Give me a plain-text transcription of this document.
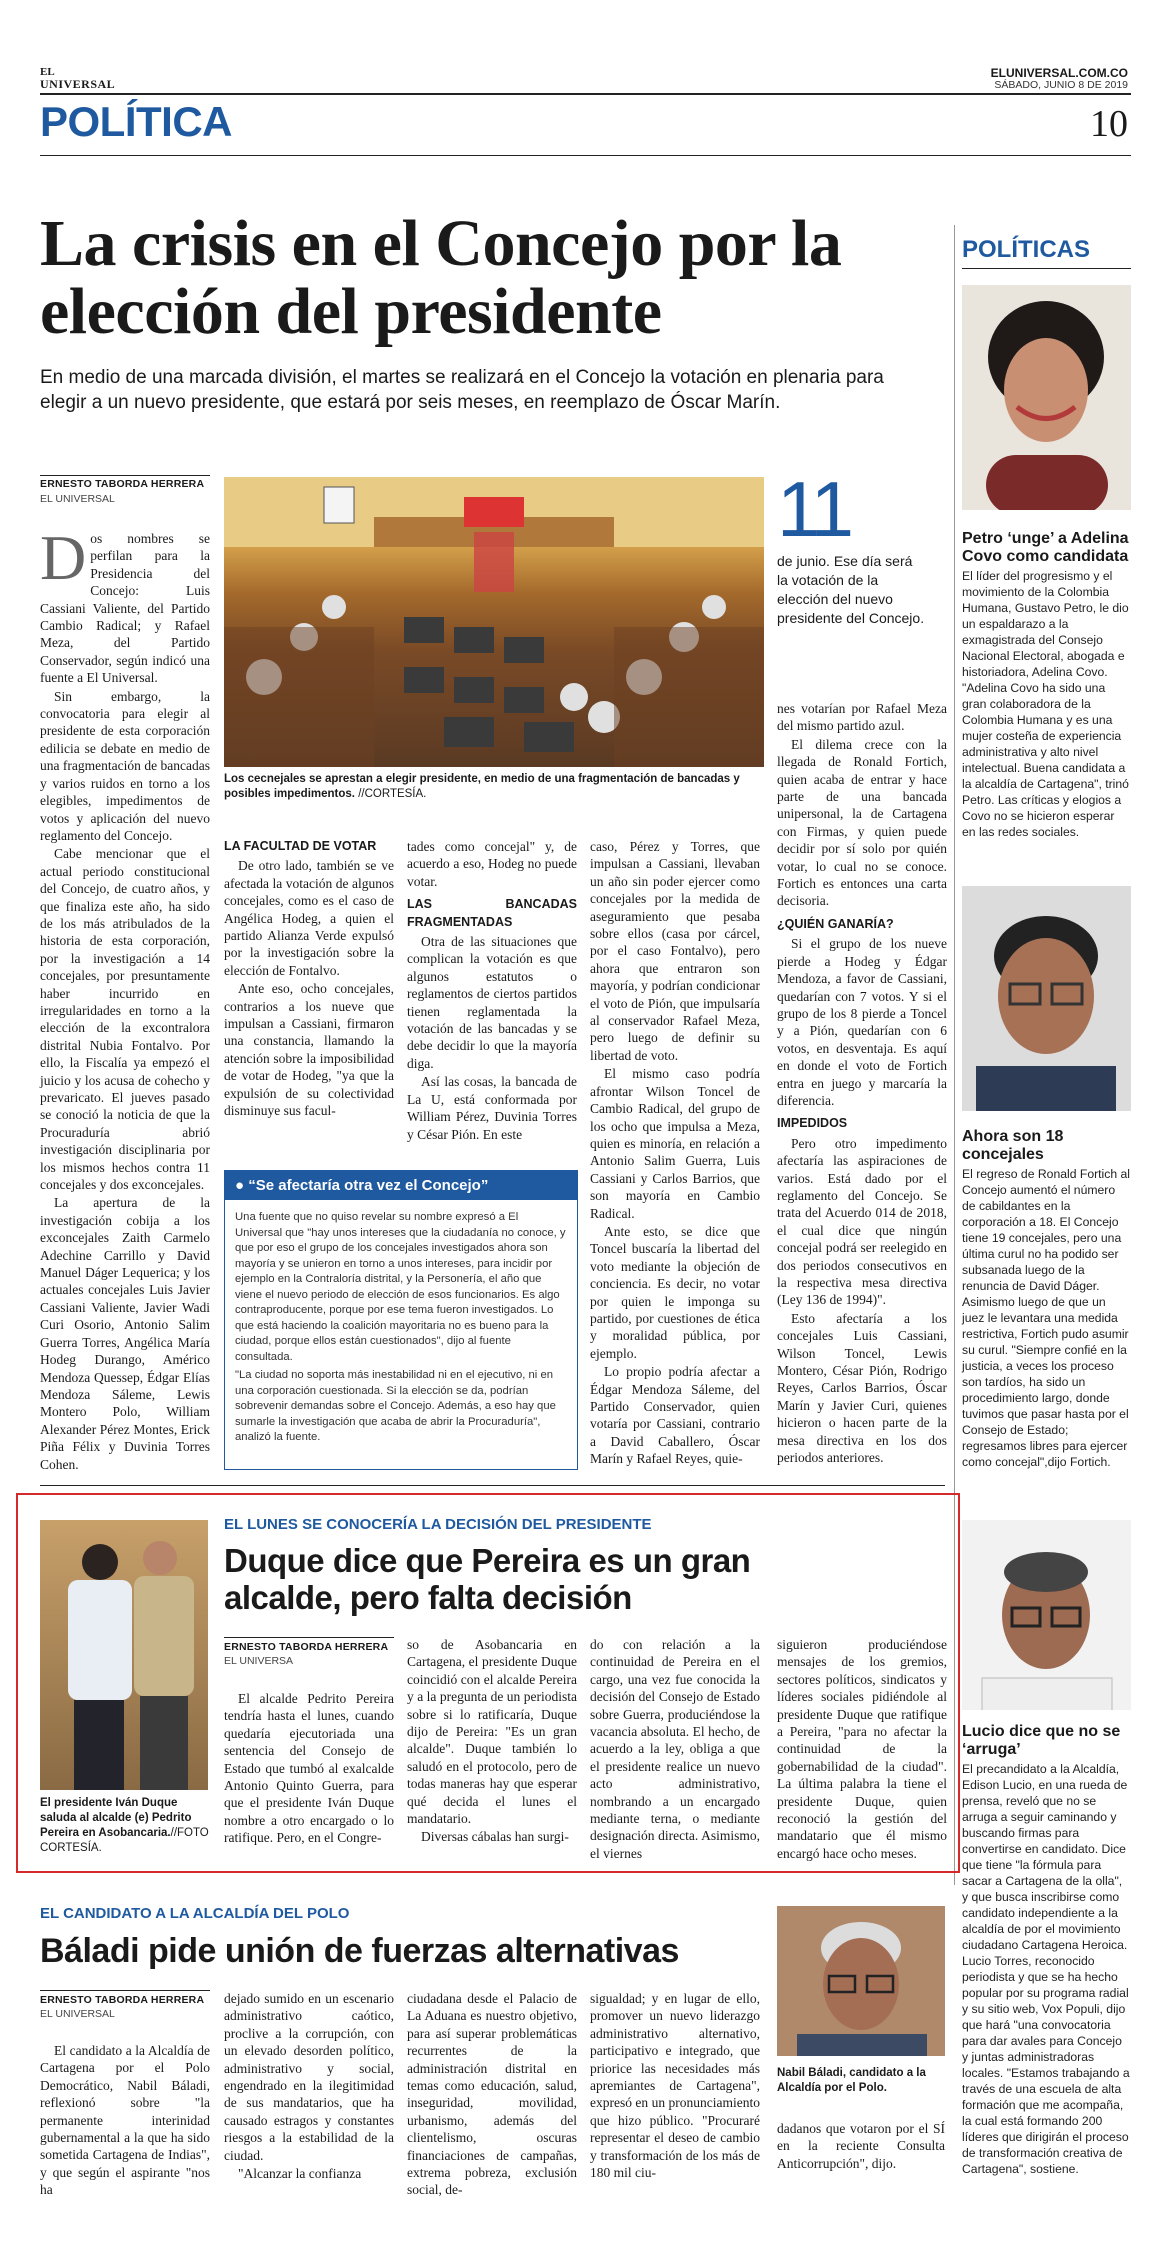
EL
UNIVERSAL
ELUNIVERSAL.COM.CO
SÁBADO, JUNIO 8 DE 2019
POLÍTICA	10
La crisis en el Concejo por la elección del presidente
En medio de una marcada división, el martes se realizará en el Concejo la votación en plenaria para elegir a un nuevo presidente, que estará por seis meses, en reemplazo de Óscar Marín.
ERNESTO TABORDA HERRERA
EL UNIVERSAL
D os nombres se perfilan para la Presidencia del Concejo: Luis Cassiani Valiente, del Partido Cambio Radical; y Rafael Meza, del Partido Conservador, según indicó una fuente a El Universal.

Sin embargo, la convocatoria para elegir al presidente de esta corporación edilicia se debate en medio de una fragmentación de bancadas y varios ruidos en torno a los elegibles, impedimentos de votos y aplicación del nuevo reglamento del Concejo.

Cabe mencionar que el actual periodo constitucional del Concejo, de cuatro años, y que finaliza este año, ha sido de los más atribulados de la historia de esta corporación, por la investigación a 14 concejales, por presuntamente haber incurrido en irregularidades en torno a la elección de la excontralora distrital Nubia Fontalvo. Por ello, la Fiscalía ya empezó el juicio y los acusa de cohecho y prevaricato. El jueves pasado se conoció la noticia de que la Procuraduría abrió investigación disciplinaria por los mismos hechos contra 11 concejales y dos exconcejales.

La apertura de la investigación cobija a los exconcejales Zaith Carmelo Adechine Carrillo y David Manuel Dáger Lequerica; y los actuales concejales Luis Javier Cassiani Valiente, Javier Wadi Curi Osorio, Antonio Salim Guerra Torres, Angélica María Hodeg Durango, Américo Mendoza Quessep, Édgar Elías Mendoza Sáleme, Lewis Montero Polo, William Alexander Pérez Montes, Erick Piña Félix y Duvinia Torres Cohen.

Los cecnejales se aprestan a elegir presidente, en medio de una fragmentación de bancadas y posibles impedimentos. //CORTESÍA.
11
de junio. Ese día será la votación de la elección del nuevo presidente del Concejo.
LA FACULTAD DE VOTAR

De otro lado, también se ve afectada la votación de algunos concejales, como es el caso de Angélica Hodeg, a quien el partido Alianza Verde expulsó por la investigación sobre la elección de Fontalvo.

Ante eso, ocho concejales, contrarios a los nueve que impulsan a Cassiani, firmaron una constancia, llamando la atención sobre la imposibilidad de votar de Hodeg, "ya que la expulsión de su colectividad disminuye sus facul-

tades como concejal" y, de acuerdo a eso, Hodeg no puede votar.

LAS BANCADAS FRAGMENTADAS

Otra de las situaciones que complican la votación es que algunos estatutos o reglamentos de ciertos partidos tienen reglamentada la votación de las bancadas y se debe decidir lo que la mayoría diga.

Así las cosas, la bancada de La U, está conformada por William Pérez, Duvinia Torres y César Pión. En este

caso, Pérez y Torres, que impulsan a Cassiani, llevaban un año sin poder ejercer como concejales por la medida de aseguramiento que pesaba sobre ellos (casa por cárcel, por el caso Fontalvo), pero ahora que entraron son mayoría, y podrían condicionar el voto de Pión, que impulsaría al conservador Rafael Meza, pero luego de definir su libertad de voto.

El mismo caso podría afrontar Wilson Toncel de Cambio Radical, del grupo de los ocho que impulsa a Meza, quien es minoría, en relación a Antonio Salim Guerra, Luis Cassiani y Carlos Barrios, que son mayoría en Cambio Radical.

Ante esto, se dice que Toncel buscaría la libertad del voto mediante la objeción de conciencia. Es decir, no votar por quien le imponga su partido, por cuestiones de ética y moralidad pública, por ejemplo.

Lo propio podría afectar a Édgar Mendoza Sáleme, del Partido Conservador, quien votaría por Cassiani, contrario a David Caballero, Óscar Marín y Rafael Reyes, quie-

nes votarían por Rafael Meza del mismo partido azul.

El dilema crece con la llegada de Ronald Fortich, quien acaba de entrar y hace parte de una bancada unipersonal, la de Cartagena con Firmas, y quien puede decidir por sí solo por quién votar, lo cual no se conoce. Fortich es entonces una carta decisoria.

¿QUIÉN GANARÍA?

Si el grupo de los nueve pierde a Hodeg y Édgar Mendoza, a favor de Cassiani, quedarían con 7 votos. Y si el grupo de los 8 pierde a Toncel y a Pión, quedarían con 6 votos, en desventaja. Es aquí en donde el voto de Fortich entra en juego y marcaría la diferencia.

IMPEDIDOS

Pero otro impedimento afectaría las aspiraciones de varios. Está dado por el reglamento del Concejo. Se trata del Acuerdo 014 de 2018, el cual dice que ningún concejal podrá ser reelegido en dos periodos consecutivos en la respectiva mesa directiva (Ley 136 de 1994)".

Esto afectaría a los concejales Luis Cassiani, Wilson Toncel, Lewis Montero, César Pión, Rodrigo Reyes, Carlos Barrios, Óscar Marín y Javier Curi, quienes hicieron o hacen parte de la mesa directiva en los dos periodos anteriores.

● “Se afectaría otra vez el Concejo”

Una fuente que no quiso revelar su nombre expresó a El Universal que "hay unos intereses que la ciudadanía no conoce, y que por eso el grupo de los concejales investigados ahora son mayoría y se unieron en torno a unos intereses, para incidir por ejemplo en la Contraloría distrital, y la Personería, el año que viene el nuevo periodo de elección de esos funcionarios. Es algo contraproducente, porque por ese tema fueron investigados. Lo que está haciendo la coalición mayoritaria no es bueno para la ciudad, porque ellos están cuestionados", dijo al fuente consultada.

"La ciudad no soporta más inestabilidad ni en el ejecutivo, ni en una corporación cuestionada. Si la elección se da, podrían sobrevenir demandas sobre el Concejo. Además, a eso hay que sumarle la investigación que acaba de abrir la Procuraduría", analizó la fuente.

POLÍTICAS
Petro ‘unge’ a Adelina Covo como candidata
El líder del progresismo y el movimiento de la Colombia Humana, Gustavo Petro, le dio un espaldarazo a la exmagistrada del Consejo Nacional Electoral, abogada e historiadora, Adelina Covo. "Adelina Covo ha sido una gran colaboradora de la Colombia Humana y es una mujer costeña de experiencia administrativa y alto nivel intelectual. Buena candidata a la alcaldía de Cartagena", trinó Petro. Las críticas y elogios a Covo no se hicieron esperar en las redes sociales.
Ahora son 18 concejales
El regreso de Ronald Fortich al Concejo aumentó el número de cabildantes en la corporación a 18. El Concejo tiene 19 concejales, pero una última curul no ha podido ser subsanada luego de la renuncia de David Dáger. Asimismo luego de que un juez le levantara una medida restrictiva, Fortich pudo asumir su curul. "Siempre confié en la justicia, a veces los proceso son tardíos, ha sido un procedimiento largo, donde tuvimos que pasar hasta por el Consejo de Estado; regresamos libres para ejercer como concejal",dijo Fortich.
Lucio dice que no se ‘arruga’
El precandidato a la Alcaldía, Edison Lucio, en una rueda de prensa, reveló que no se arruga a seguir caminando y buscando firmas para convertirse en candidato. Dice que tiene "la fórmula para sacar a Cartagena de la olla", y que busca inscribirse como candidato independiente a la alcaldía de por el movimiento ciudadano Cartagena Heroica. Lucio Torres, reconocido periodista y que se ha hecho popular por su programa radial y su sitio web, Vox Populi, dijo que hará "una convocatoria para dar avales para Concejo y juntas administradoras locales. "Estamos trabajando a través de una escuela de alta formación que me acompaña, la cual está formando 200 líderes que dirigirán el proceso de transformación creativa de Cartagena", sostiene.
El presidente Iván Duque saluda al alcalde (e) Pedrito Pereira en Asobancaria.//FOTO CORTESÍA.
EL LUNES SE CONOCERÍA LA DECISIÓN DEL PRESIDENTE
Duque dice que Pereira es un gran alcalde, pero falta decisión
ERNESTO TABORDA HERRERA
EL UNIVERSA

El alcalde Pedrito Pereira tendría hasta el lunes, cuando quedaría ejecutoriada una sentencia del Consejo de Estado que tumbó al exalcalde Antonio Quinto Guerra, para que el presidente Iván Duque nombre a otro encargado o lo ratifique. Pero, en el Congre-

so de Asobancaria en Cartagena, el presidente Duque coincidió con el alcalde Pereira y a la pregunta de un periodista sobre si lo ratificaría, Duque dijo de Pereira: "Es un gran alcalde". Duque también lo saludó en el protocolo, pero de todas maneras hay que esperar qué decida el lunes el mandatario.

Diversas cábalas han surgi-

do con relación a la continuidad de Pereira en el cargo, una vez fue conocida la decisión del Consejo de Estado sobre Guerra, produciéndose la vacancia absoluta. El hecho, de acuerdo a la ley, obliga a que el presidente realice un nuevo acto administrativo, nombrando a un encargado mediante terna, o mediante designación directa. Asimismo, el viernes

siguieron produciéndose mensajes de los gremios, sectores políticos, sindicatos y líderes sociales pidiéndole al presidente Duque que ratifique a Pereira, "para no afectar la continuidad de la gobernabilidad de la ciudad". La última palabra la tiene el presidente Duque, quien reconoció la gestión del mandatario que él mismo encargó hace ocho meses.

EL CANDIDATO A LA ALCALDÍA DEL POLO
Báladi pide unión de fuerzas alternativas
ERNESTO TABORDA HERRERA
EL UNIVERSAL

El candidato a la Alcaldía de Cartagena por el Polo Democrático, Nabil Báladi, reflexionó sobre "la permanente interinidad gubernamental a la que ha sido sometida Cartagena de Indias", y que según el aspirante "nos ha

dejado sumido en un escenario administrativo caótico, proclive a la corrupción, con un elevado desorden político, administrativo y social, engendrado en la ilegitimidad de sus mandatarios, que ha causado estragos y constantes riesgos a la estabilidad de la ciudad.

"Alcanzar la confianza

ciudadana desde el Palacio de La Aduana es nuestro objetivo, para así superar problemáticas recurrentes de la administración distrital en temas como educación, salud, inseguridad, movilidad, urbanismo, además del clientelismo, oscuras financiaciones de campañas, extrema pobreza, exclusión social, de-

sigualdad; y en lugar de ello, promover un nuevo liderazgo administrativo alternativo, participativo e integrado, que priorice las necesidades más apremiantes de Cartagena", expresó en un pronunciamiento que hizo público. "Procuraré representar el deseo de cambio y transformación de los más de 180 mil ciu-

Nabil Báladi, candidato a la Alcaldía por el Polo.

dadanos que votaron por el SÍ en la reciente Consulta Anticorrupción", dijo.
